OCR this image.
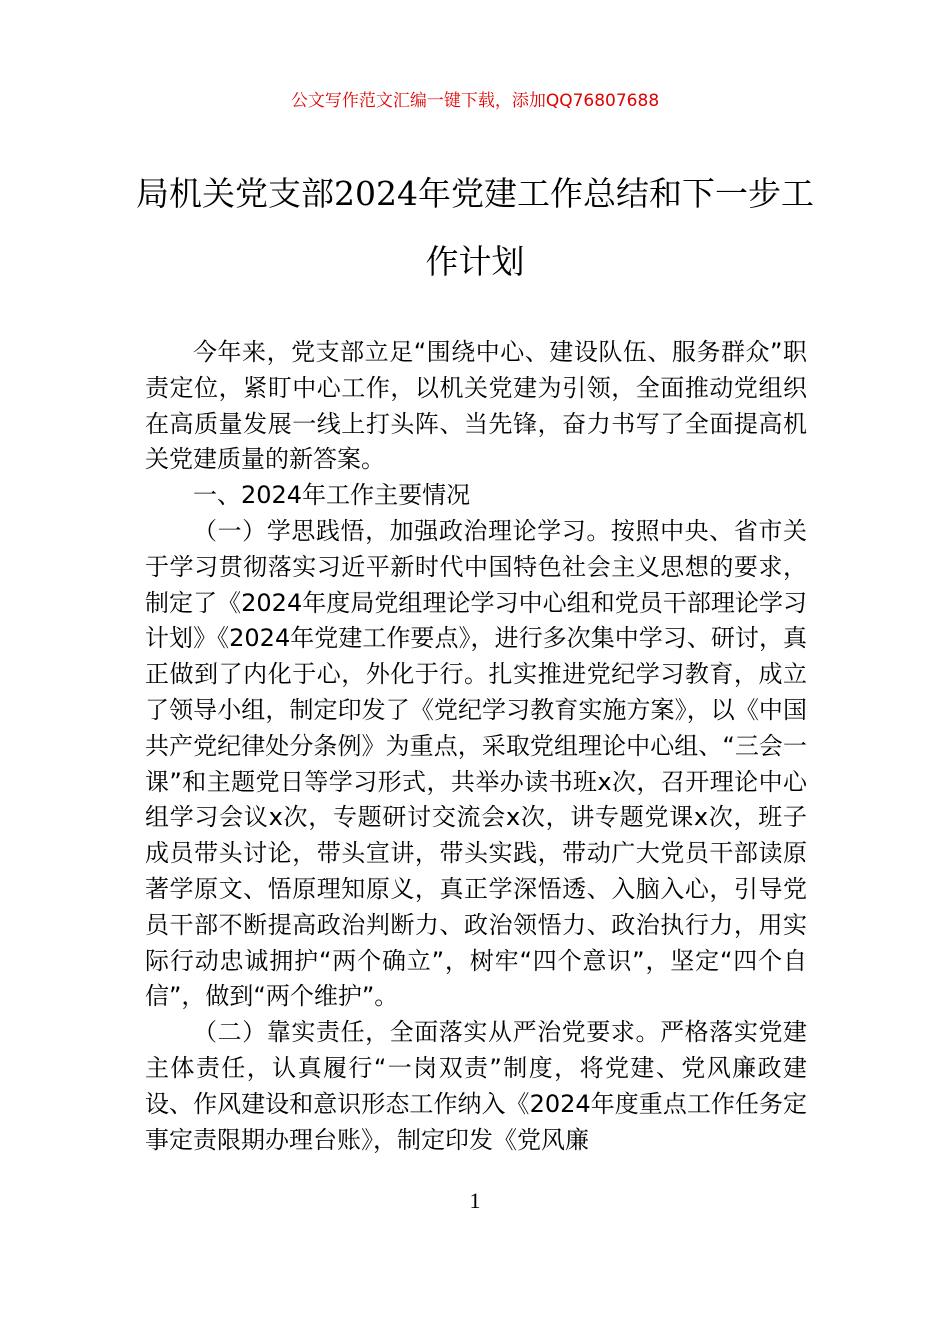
公文写作范文汇编一键下载，添加QQ76807688
局机关党支部2024年党建工作总结和下一步工作计划

今年来，党支部立足“围绕中心、建设队伍、服务群众”职责定位，紧盯中心工作，以机关党建为引领，全面推动党组织在高质量发展一线上打头阵、当先锋，奋力书写了全面提高机关党建质量的新答案。

一、2024年工作主要情况

（一）学思践悟，加强政治理论学习。按照中央、省市关于学习贯彻落实习近平新时代中国特色社会主义思想的要求，制定了《2024年度局党组理论学习中心组和党员干部理论学习计划》《2024年党建工作要点》，进行多次集中学习、研讨，真正做到了内化于心，外化于行。扎实推进党纪学习教育，成立了领导小组，制定印发了《党纪学习教育实施方案》，以《中国共产党纪律处分条例》为重点，采取党组理论中心组、“三会一课”和主题党日等学习形式，共举办读书班x次，召开理论中心组学习会议x次，专题研讨交流会x次，讲专题党课x次，班子成员带头讨论，带头宣讲，带头实践，带动广大党员干部读原著学原文、悟原理知原义，真正学深悟透、入脑入心，引导党员干部不断提高政治判断力、政治领悟力、政治执行力，用实际行动忠诚拥护“两个确立”，树牢“四个意识”，坚定“四个自信”，做到“两个维护”。

（二）靠实责任，全面落实从严治党要求。严格落实党建主体责任，认真履行“一岗双责”制度，将党建、党风廉政建设、作风建设和意识形态工作纳入《2024年度重点工作任务定事定责限期办理台账》，制定印发《党风廉

1
